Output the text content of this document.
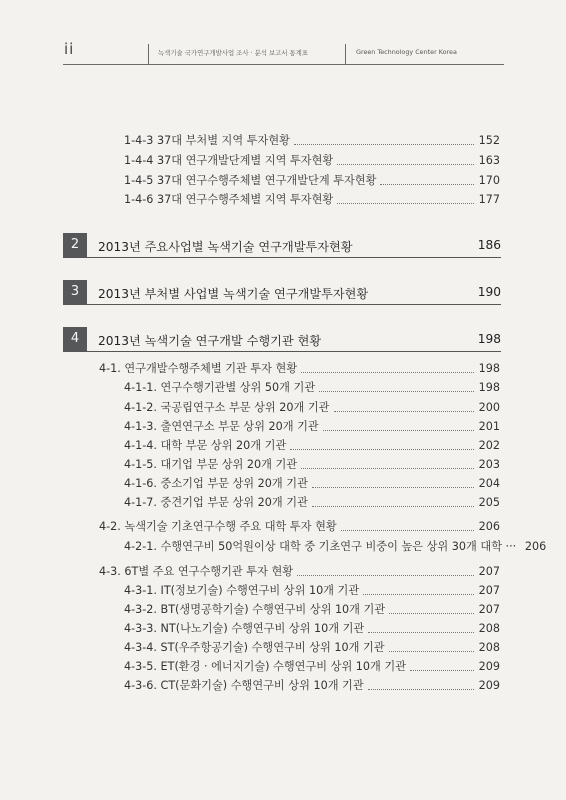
ii	녹색기술 국가연구개발사업 조사 · 분석 보고서 통계표	Green Technology Center Korea
1-4-3 37대 부처별 지역 투자현황	152
1-4-4 37대 연구개발단계별 지역 투자현황	163
1-4-5 37대 연구수행주체별 연구개발단계 투자현황	170
1-4-6 37대 연구수행주체별 지역 투자현황	177
2	2013년 주요사업별 녹색기술 연구개발투자현황	186
3	2013년 부처별 사업별 녹색기술 연구개발투자현황	190
4	2013년 녹색기술 연구개발 수행기관 현황	198
4-1. 연구개발수행주체별 기관 투자 현황	198
4-1-1. 연구수행기관별 상위 50개 기관	198
4-1-2. 국공립연구소 부문 상위 20개 기관	200
4-1-3. 출연연구소 부문 상위 20개 기관	201
4-1-4. 대학 부문 상위 20개 기관	202
4-1-5. 대기업 부문 상위 20개 기관	203
4-1-6. 중소기업 부문 상위 20개 기관	204
4-1-7. 중견기업 부문 상위 20개 기관	205
4-2. 녹색기술 기초연구수행 주요 대학 투자 현황	206
4-2-1. 수행연구비 50억원이상 대학 중 기초연구 비중이 높은 상위 30개 대학 ··· 206
4-3. 6T별 주요 연구수행기관 투자 현황	207
4-3-1. IT(정보기술) 수행연구비 상위 10개 기관	207
4-3-2. BT(생명공학기술) 수행연구비 상위 10개 기관	207
4-3-3. NT(나노기술) 수행연구비 상위 10개 기관	208
4-3-4. ST(우주항공기술) 수행연구비 상위 10개 기관	208
4-3-5. ET(환경 · 에너지기술) 수행연구비 상위 10개 기관	209
4-3-6. CT(문화기술) 수행연구비 상위 10개 기관	209
